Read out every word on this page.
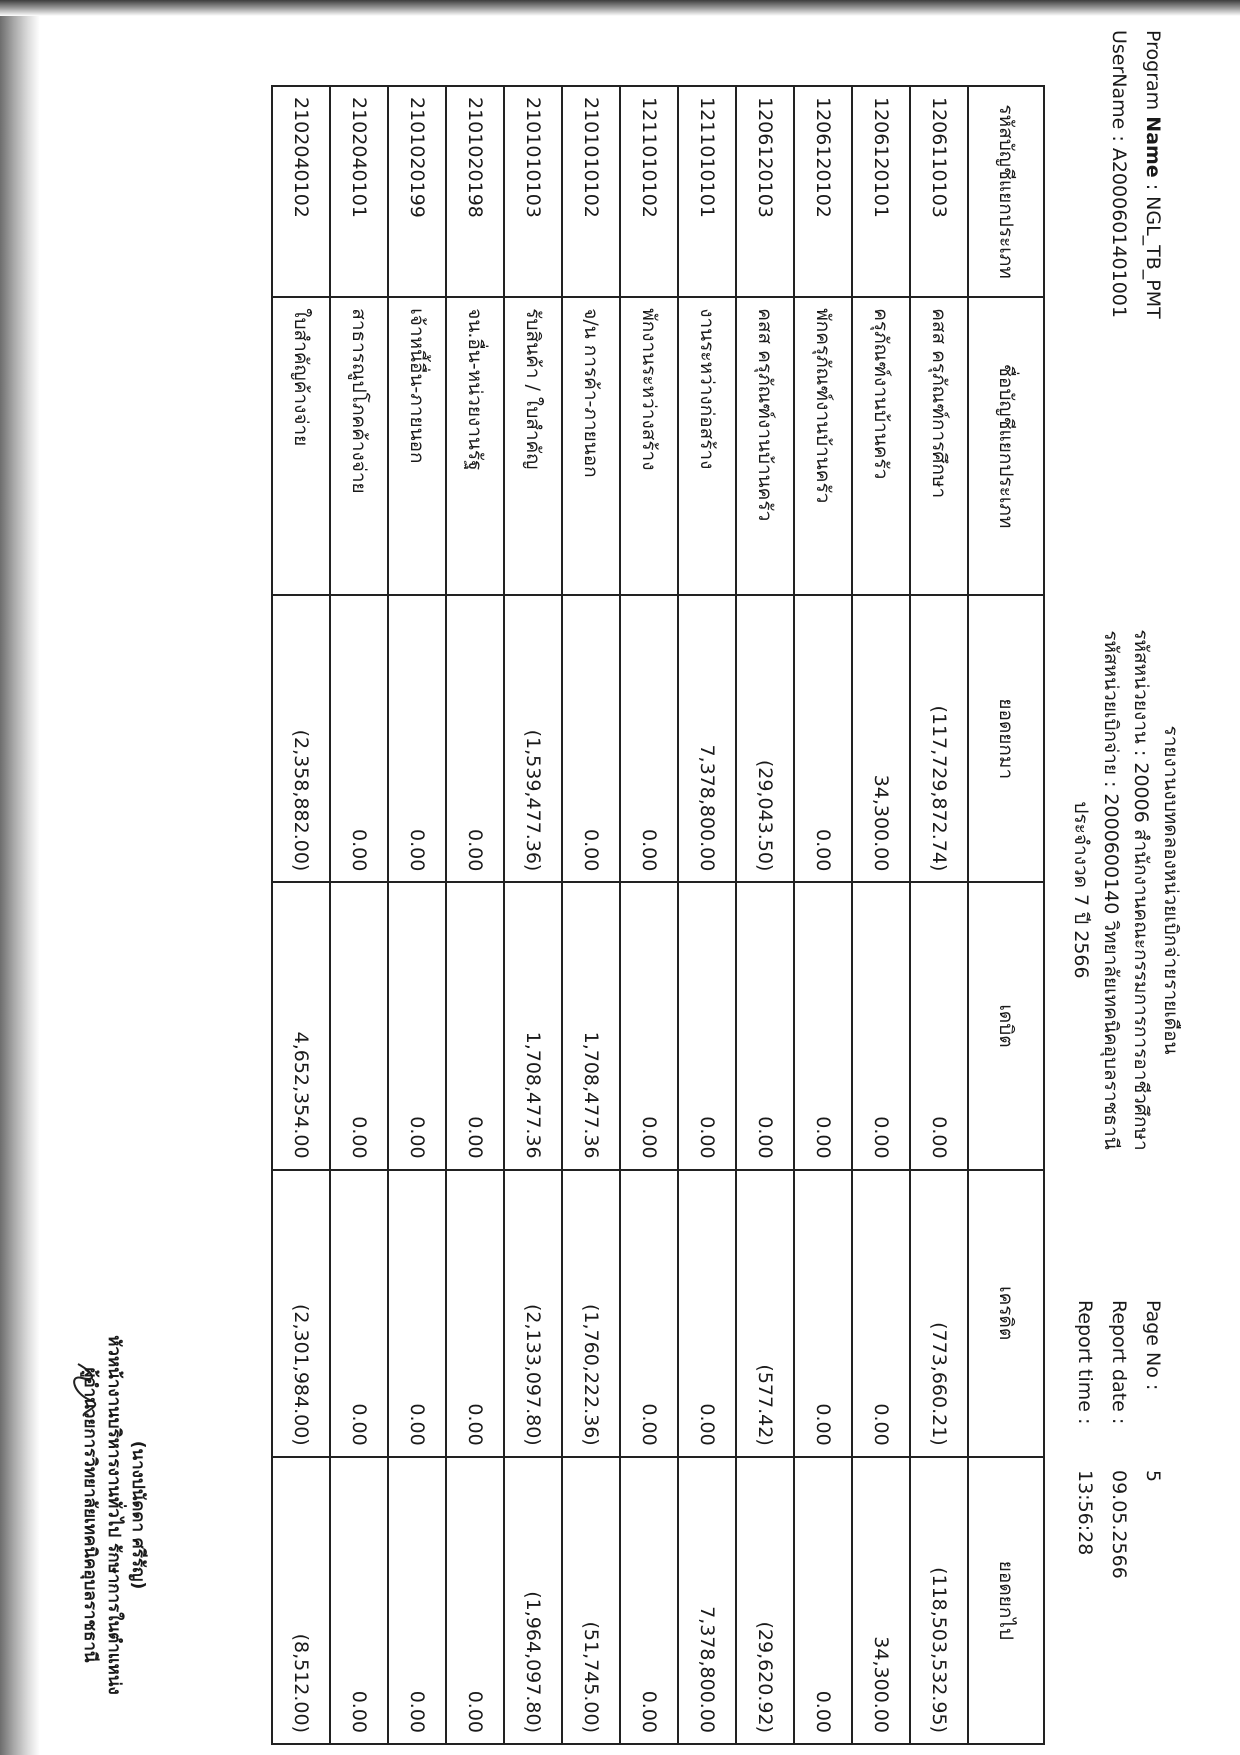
Program Name : NGL_TB_PMT
UserName : A2000601401001
รายงานงบทดลองหน่วยเบิกจ่ายรายเดือน
รหัสหน่วยงาน : 20006 สำนักงานคณะกรรมการการอาชีวศึกษา
รหัสหน่วยเบิกจ่าย : 2000600140 วิทยาลัยเทคนิคอุบลราชธานี
ประจำงวด 7 ปี 2566
Page No :
5
Report date :
09.05.2566
Report time :
13:56:28
รหัสบัญชีแยกประเภท	ชื่อบัญชีแยกประเภท	ยอดยกมา	เดบิต	เครดิต	ยอดยกไป
1206110103	คสส ครุภัณฑ์การศึกษา	(117,729,872.74)	0.00	(773,660.21)	(118,503,532.95)
1206120101	ครุภัณฑ์งานบ้านครัว	34,300.00	0.00	0.00	34,300.00
1206120102	พักครุภัณฑ์งานบ้านครัว	0.00	0.00	0.00	0.00
1206120103	คสส ครุภัณฑ์งานบ้านครัว	(29,043.50)	0.00	(577.42)	(29,620.92)
1211010101	งานระหว่างก่อสร้าง	7,378,800.00	0.00	0.00	7,378,800.00
1211010102	พักงานระหว่างสร้าง	0.00	0.00	0.00	0.00
2101010102	จ/น การค้า-ภายนอก	0.00	1,708,477.36	(1,760,222.36)	(51,745.00)
2101010103	รับสินค้า / ใบสำคัญ	(1,539,477.36)	1,708,477.36	(2,133,097.80)	(1,964,097.80)
2101020198	จน.อื่น-หน่วยงานรัฐ	0.00	0.00	0.00	0.00
2101020199	เจ้าหนี้อื่น-ภายนอก	0.00	0.00	0.00	0.00
2102040101	สาธารณูปโภคค้างจ่าย	0.00	0.00	0.00	0.00
2102040102	ใบสำคัญค้างจ่าย	(2,358,882.00)	4,652,354.00	(2,301,984.00)	(8,512.00)
(นางปนัดดา ศรีรัญ)
หัวหน้างานบริหารงานทั่วไป รักษาการในตำแหน่ง
ผู้อำนวยการวิทยาลัยเทคนิคอุบลราชธานี
